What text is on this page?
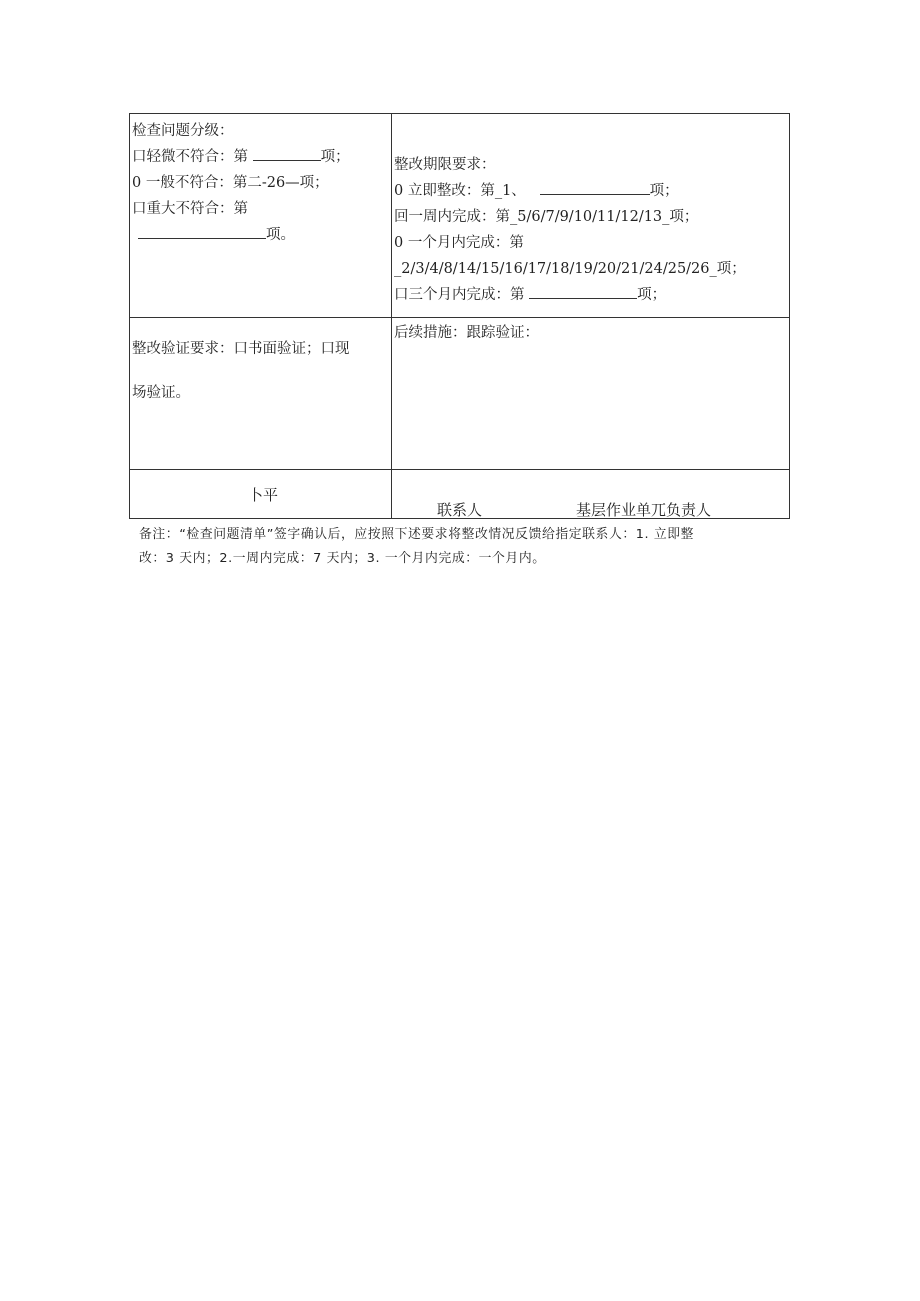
检查问题分级：
口轻微不符合：第	项；
0 一般不符合：第二-26—项；
口重大不符合：第
项。
整改期限要求：
0 立即整改：第_1、	项；
回一周内完成：第_5/6/7/9/10/11/12/13_项；
0 一个月内完成：第
_2/3/4/8/14/15/16/17/18/19/20/21/24/25/26_项；
口三个月内完成：第	项；
整改验证要求：口书面验证；口现
场验证。
后续措施：跟踪验证：
卜平
联系人	基层作业单兀负责人
备注：“检查问题清单”签字确认后，应按照下述要求将整改情况反馈给指定联系人：1. 立即整
改：3 天内；2.一周内完成：7 天内；3. 一个月内完成：一个月内。
